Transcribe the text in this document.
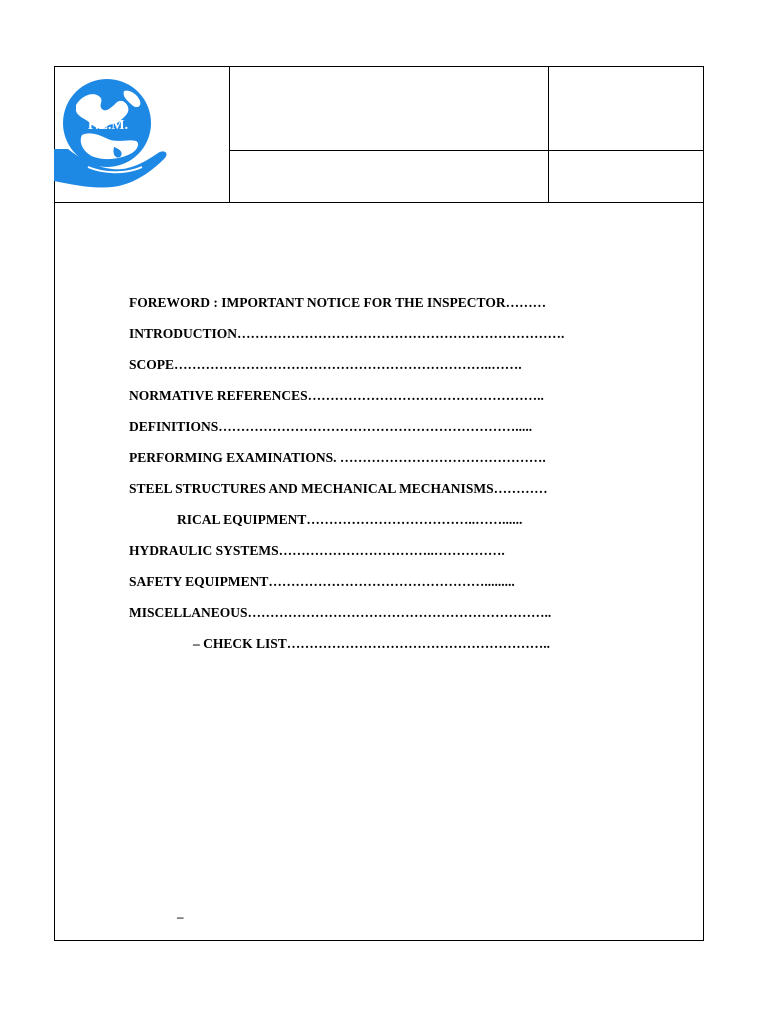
F.E.M.
FOREWORD : IMPORTANT NOTICE FOR THE INSPECTOR………
INTRODUCTION……………………………………………………………….
SCOPE……………………………………………………………..…….
NORMATIVE REFERENCES……………………………………………..
DEFINITIONS………………………………………………………….....
PERFORMING EXAMINATIONS. ……………………………………….
STEEL STRUCTURES AND MECHANICAL MECHANISMS…………
RICAL EQUIPMENT………………………………..……......
HYDRAULIC SYSTEMS……………………………..…………….
SAFETY EQUIPMENT………………………………………….........
MISCELLANEOUS…………………………………………………………..
– CHECK LIST…………………………………………………..
–
